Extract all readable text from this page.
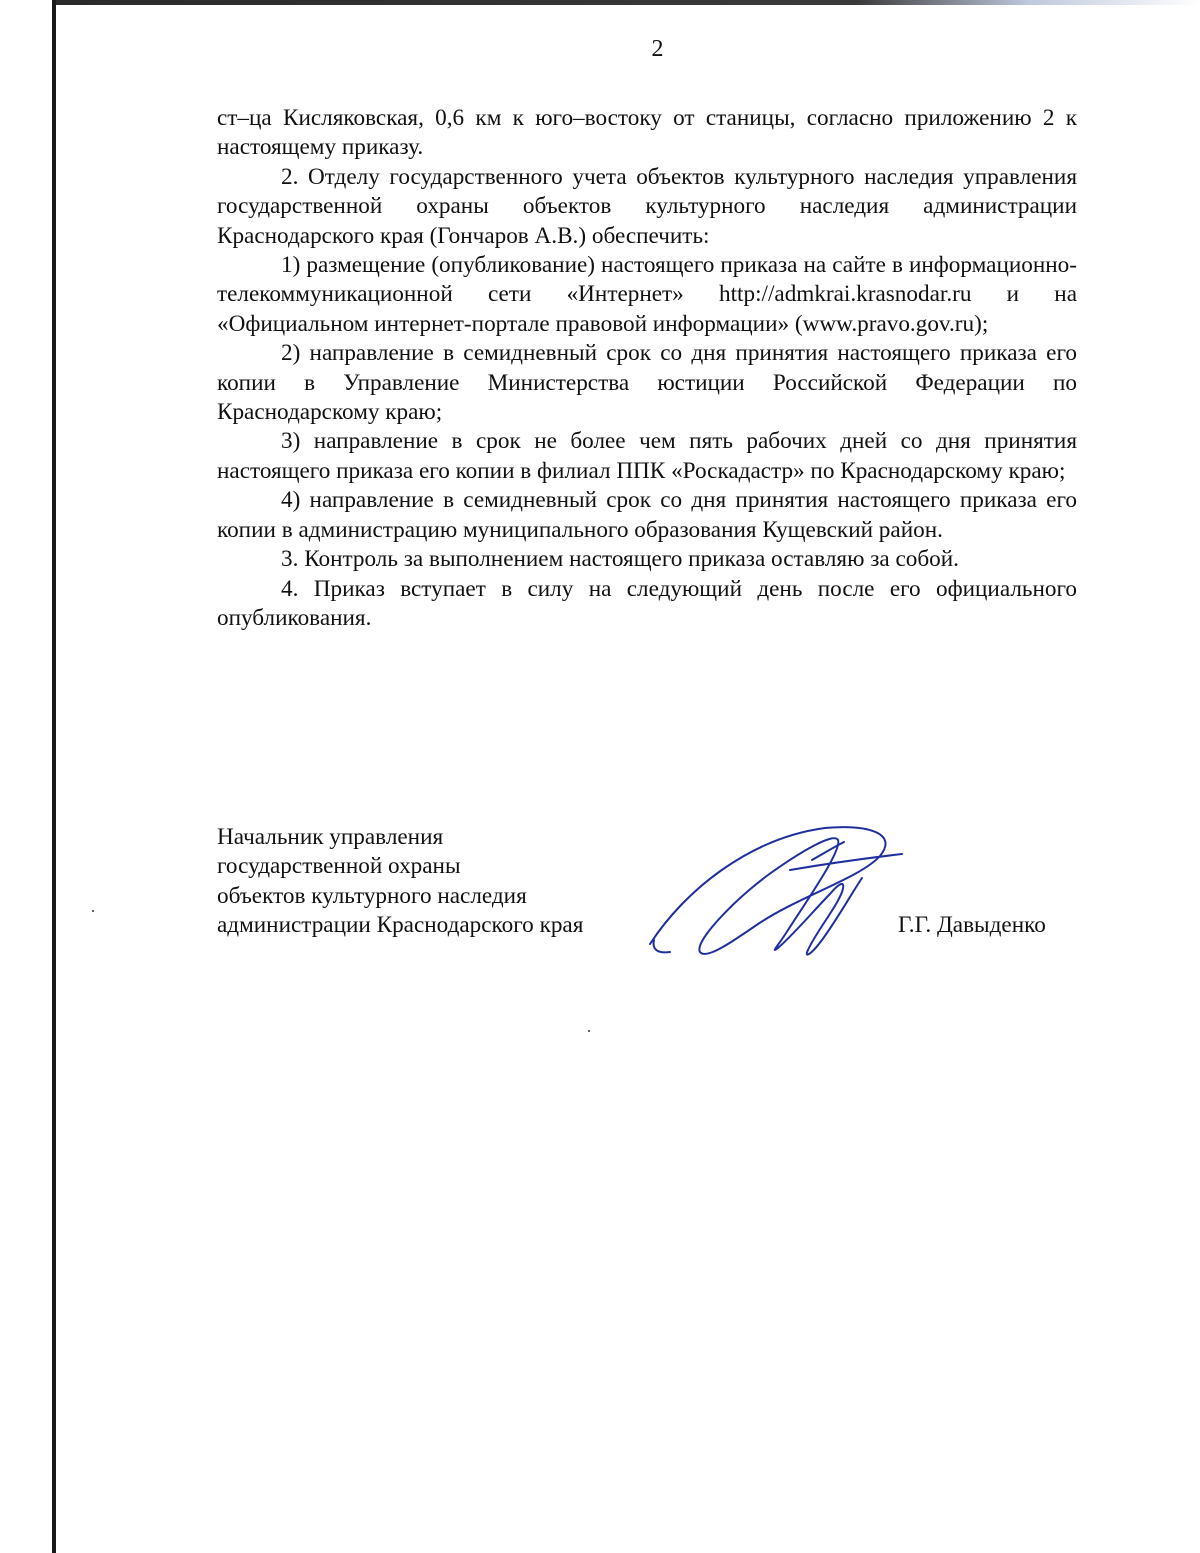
2

ст–ца Кисляковская, 0,6 км к юго–востоку от станицы, согласно приложению 2 к настоящему приказу.

2. Отделу государственного учета объектов культурного наследия управления государственной охраны объектов культурного наследия администрации Краснодарского края (Гончаров А.В.) обеспечить:

1) размещение (опубликование) настоящего приказа на сайте в информационно-телекоммуникационной сети «Интернет» http://admkrai.krasnodar.ru и на «Официальном интернет-портале правовой информации» (www.pravo.gov.ru);

2) направление в семидневный срок со дня принятия настоящего приказа его копии в Управление Министерства юстиции Российской Федерации по Краснодарскому краю;

3) направление в срок не более чем пять рабочих дней со дня принятия настоящего приказа его копии в филиал ППК «Роскадастр» по Краснодарскому краю;

4) направление в семидневный срок со дня принятия настоящего приказа его копии в администрацию муниципального образования Кущевский район.

3. Контроль за выполнением настоящего приказа оставляю за собой.

4. Приказ вступает в силу на следующий день после его официального опубликования.

Начальник управления
государственной охраны
объектов культурного наследия
администрации Краснодарского края	Г.Г. Давыденко
